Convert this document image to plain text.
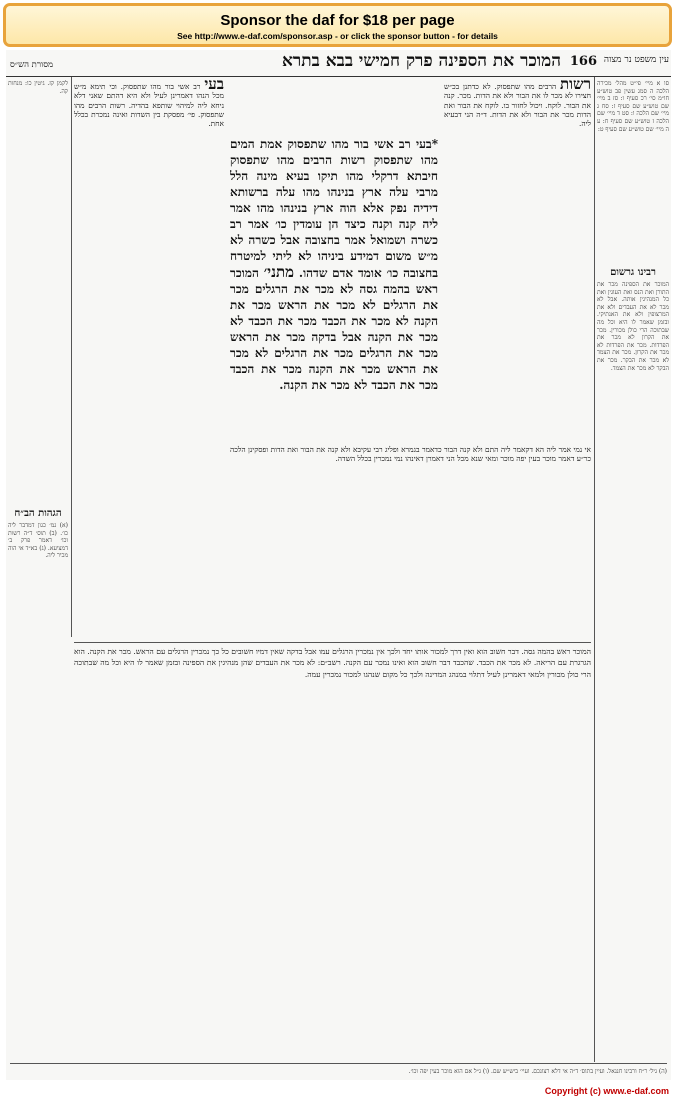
Sponsor the daf for $18 per page
See http://www.e-daf.com/sponsor.asp - or click the sponsor button - for details
מסורת הש״ס	המוכר את הספינה פרק חמישי בבא בתרא 166 עין משפט נר מצוה
סו א מיי׳ פי״ט מהל׳ מכירה הלכה ה סמג עשין פב טוש״ע חו״מ סי׳ רכ סעיף ו: סז ב מיי׳ שם טוש״ע שם סעיף ז: סח ג מיי׳ שם הלכה ו: סט ד מיי׳ שם הלכה ז טוש״ע שם סעיף ח: ע ה מיי׳ שם טוש״ע שם סעיף ט:
רבינו גרשום
המוכר את הספינה מכר את התורן ואת הנס ואת העוגין ואת כל המנהיגין אותה. אבל לא מכר לא את העבדים ולא את המרצופין ולא את האנתיקי. ובזמן שאמר לו היא וכל מה שבתוכה הרי כולן מכורין. מכר את הקרון לא מכר את הפרדות. מכר את הפרדות לא מכר את הקרון. מכר את הצמד לא מכר את הבקר. מכר את הבקר לא מכר את הצמד.
לקמן קז. גיטין כו: מנחות קה.
הגהות הב״ח
(א) גמ׳ כגון דמדבר ליה כו׳. (ב) תוס׳ ד״ה רשות וכו׳ דאמר פרק ב׳ דמציעא. (ג) בא״ד אי הוה מכיר ליה.
רשות הרבים מהו שתפסוק. לא כדתנן בכ״ש חצירו לא מכר לו את הבור ולא את הדות. מכר. קנה את הבור. לוקח. ויכול לחזור בו. לוקח את הבור ואת הדות מכר את הבור ולא את הדות. ד״ה הני דבעיא ליה.
בעי רב אשי בור מהו שתפסוק. וכי תימא מ״ש מכל הנהו דאמרינן לעיל ולא היא דהתם שאני דלא ניחא ליה למיהוי שותפא בהדיה. רשות הרבים מהו שתפסוק. פי׳ מפסקת בין השדות ואינה נמכרת בכלל אחת.
*בעי רב אשי בור מהו שתפסוק אמת המים מהו שתפסוק רשות הרבים מהו שתפסוק חיבתא דרקלי מהו תיקו בעיא מינה הלל מרבי עלה ארץ בנינהו מהו עלה ברשותא דידיה נפק אלא הוה ארץ בנינהו מהו אמר ליה קנה וקנה כיצד הן עומדין כו׳ אמר רב כשרה ושמואל אמר בחצובה אבל כשרה לא מ״ש משום דמידע ביניהו לא ליתי למיטרח בחצובה כו׳ אומד אדם שדהו. מתני׳ המוכר ראש בהמה גסה לא מכר את הרגלים מכר את הרגלים לא מכר את הראש מכר את הקנה לא מכר את הכבד מכר את הכבד לא מכר את הקנה אבל בדקה מכר את הראש מכר את הרגלים מכר את הרגלים לא מכר את הראש מכר את הקנה מכר את הכבד מכר את הכבד לא מכר את הקנה.
אי נמי אמר ליה הא דקאמר ליה התם ולא קנה הבור כדאמר בגמרא ופליג רבי עקיבא ולא קנה את הבור ואת הדות ופסקינן הלכה כר״ע דאמר מוכר בעין יפה מוכר ומאי שנא מכל הני דאמרן דאינהו נמי נמכרין בכלל השדה.
המוכר ראש בהמה גסה. דבר חשוב הוא ואין דרך למכור אותו יחד ולכך אין נמכרין הרגלים עמו אבל בדקה שאין דמיו חשובים כל כך נמכרין הרגלים עם הראש. מכר את הקנה. הוא הגרגרת עם הריאה. לא מכר את הכבד. שהכבד דבר חשוב הוא ואינו נמכר עם הקנה. רשב״ם: לא מכר את העבדים שהן מנהיגין את הספינה ובזמן שאמר לו היא וכל מה שבתוכה הרי כולן מכורין ולמאי דאמרינן לעיל דתלוי במנהג המדינה ולכך כל מקום שנהגו למכור נמכרין עמה.
(ה) גיל׳ ר״ח ורבינו חננאל. ועיין בתוס׳ ד״ה אי דלא רצונכם. ועיי׳ ביש״ש שם. (ו) ג״ל אם הוא מוכר בעין יפה וכו׳.
Copyright (c) www.e-daf.com
